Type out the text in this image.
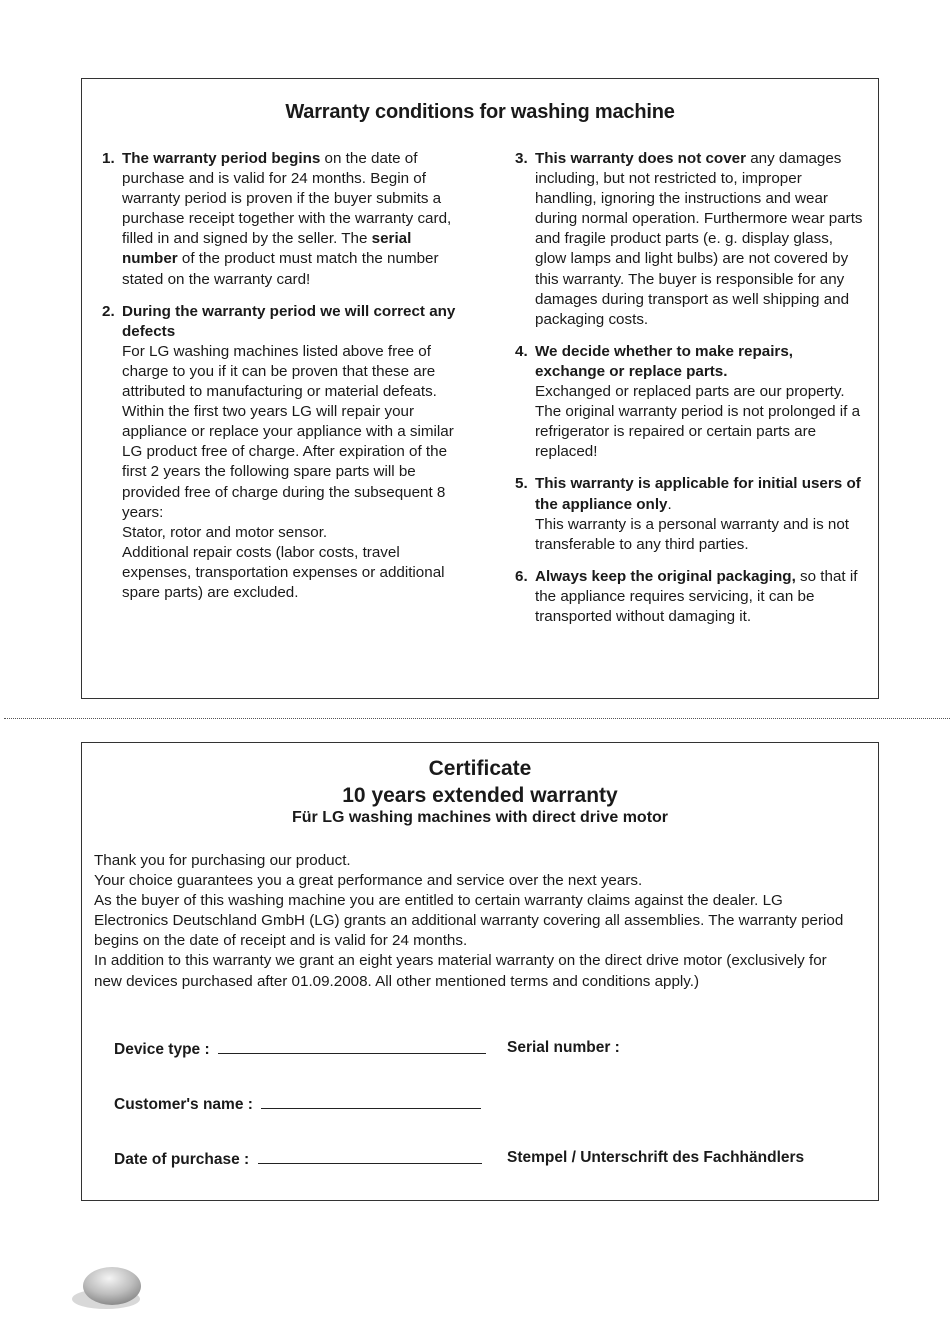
Warranty conditions for washing machine
1. The warranty period begins on the date of purchase and is valid for 24 months. Begin of warranty period is proven if the buyer submits a purchase receipt together with the warranty card, filled in and signed by the seller. The serial number of the product must match the number stated on the warranty card!
2. During the warranty period we will correct any defects
For LG washing machines listed above free of charge to you if it can be proven that these are attributed to manufacturing or material defeats. Within the first two years LG will repair your appliance or replace your appliance with a similar LG product free of charge. After expiration of the first 2 years the following spare parts will be provided free of charge during the subsequent 8 years:
Stator, rotor and motor sensor.
Additional repair costs (labor costs, travel expenses, transportation expenses or additional spare parts) are excluded.
3. This warranty does not cover any damages including, but not restricted to, improper handling, ignoring the instructions and wear during normal operation. Furthermore wear parts and fragile product parts (e. g. display glass, glow lamps and light bulbs) are not covered by this warranty. The buyer is responsible for any damages during transport as well shipping and packaging costs.
4. We decide whether to make repairs, exchange or replace parts.
Exchanged or replaced parts are our property. The original warranty period is not prolonged if a refrigerator is repaired or certain parts are replaced!
5. This warranty is applicable for initial users of the appliance only.
This warranty is a personal warranty and is not transferable to any third parties.
6. Always keep the original packaging, so that if the appliance requires servicing, it can be transported without damaging it.
Certificate
10 years extended warranty
Für LG washing machines with direct drive motor
Thank you for purchasing our product.
Your choice guarantees you a great performance and service over the next years.
As the buyer of this washing machine you are entitled to certain warranty claims against the dealer. LG Electronics Deutschland GmbH (LG) grants an additional warranty covering all assemblies. The warranty period begins on the date of receipt and is valid for 24 months.
In addition to this warranty we grant an eight years material warranty on the direct drive motor (exclusively for new devices purchased after 01.09.2008. All other mentioned terms and conditions apply.)
Device type :	Serial number :
Customer's name :
Date of purchase :	Stempel / Unterschrift des Fachhändlers
